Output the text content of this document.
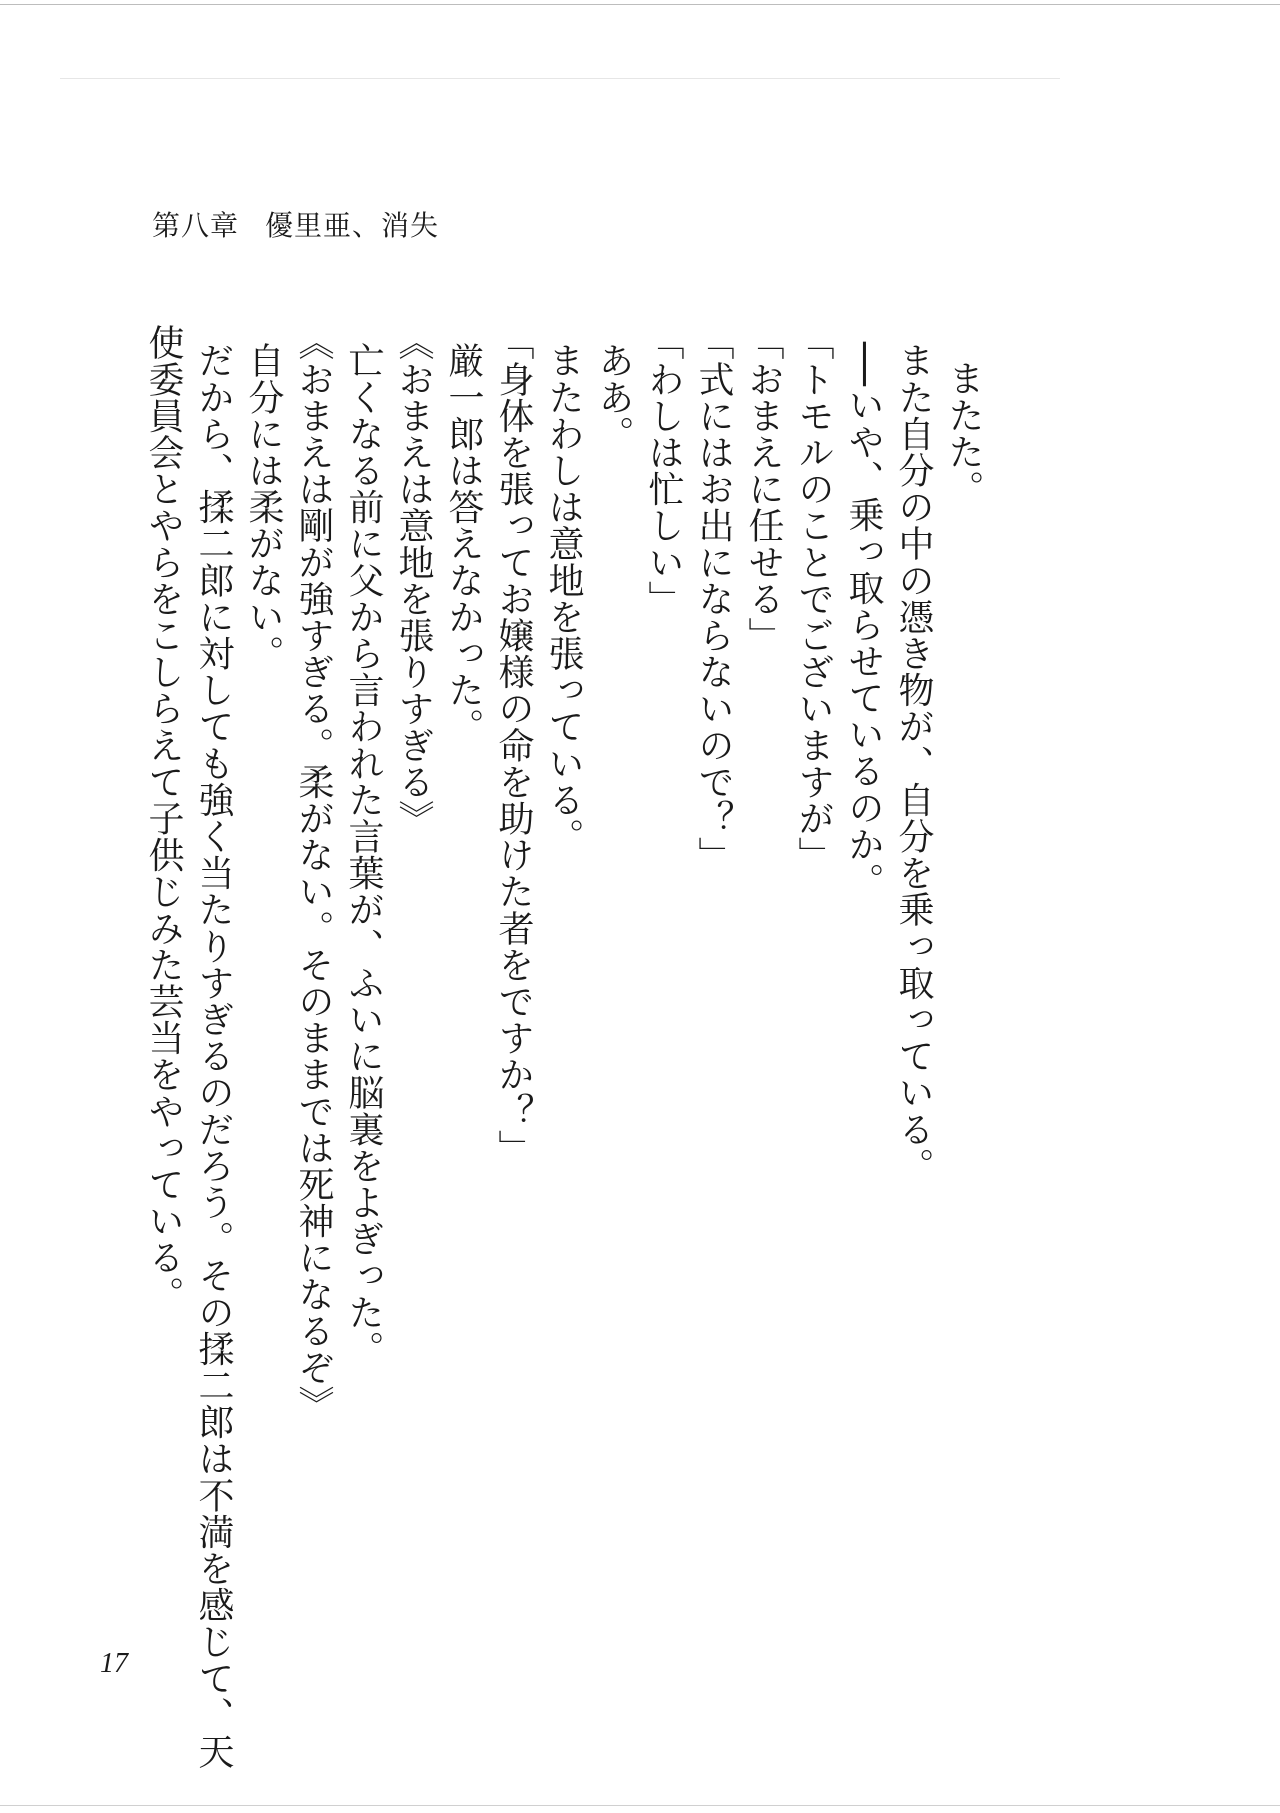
第八章 優里亜、消失

またた。

また自分の中の憑き物が、自分を乗っ取っている。

──いや、乗っ取らせているのか。

「トモルのことでございますが」

「おまえに任せる」

「式にはお出にならないので？」

「わしは忙しい」

ああ。

またわしは意地を張っている。

「身体を張ってお嬢様の命を助けた者をですか？」

厳一郎は答えなかった。

《おまえは意地を張りすぎる》

亡くなる前に父から言われた言葉が、ふいに脳裏をよぎった。

《おまえは剛が強すぎる。柔がない。そのままでは死神になるぞ》

自分には柔がない。

だから、揉二郎に対しても強く当たりすぎるのだろう。その揉二郎は不満を感じて、天

使委員会とやらをこしらえて子供じみた芸当をやっている。

17
